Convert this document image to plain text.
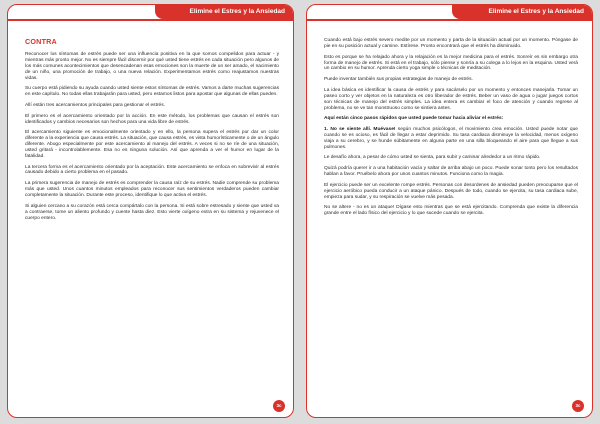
Elimine el Estres y la Ansiedad
CONTRA

Reconocer los síntomas de estrés puede ser una influencia positiva en la que somos compelidos para actuar - y mientras más pronto mejor. No es siempre fácil discernir por qué usted tiene estrés en cada situación pero algunos de los más comunes acontecimientos que desencadenan esas emociones son la muerte de un ser amado, el nacimiento de un niño, una promoción de trabajo, o una nueva relación. Experimentamos estrés como reajustamos nuestras vidas.

Su cuerpo está pidiendo su ayuda cuando usted siente estos síntomas de estrés. Vamos a darte muchas sugerencias en este capítulo. No todas ellas trabajarán para usted, pero estamos listos para apostar que algunas de ellas pueden.

Allí están tres acercamientos principales para gestionar el estrés.

El primero es el acercamiento orientado por la acción. En este método, los problemas que causan el estrés son identificados y cambios necesarios son hechos para una vida libre de estrés.

El acercamiento siguiente es emocionalmente orientado y en ello, la persona supera el estrés por dar un color diferente a la experiencia que causa estrés. La situación, que causa estrés, es vista humorísticamente o de un ángulo diferente. Abogo especialmente por este acercamiento al manejo del estrés. A veces si no se ríe de una situación, usted gritará - incontrolablemente. Esa no es ninguna solución. Así que aprenda a ver el humor en lugar de la fatalidad.

La tercera forma es el acercamiento orientado por la aceptación. Este acercamiento se enfoca en sobrevivir al estrés causado debido a cierto problema en el pasado.

La primera sugerencia de manejo de estrés es comprender la causa raíz de su estrés. Nadie comprende su problema más que usted. Unos cuantos minutos empleados para reconocer sus sentimientos verdaderos pueden cambiar completamente la situación. Durante este proceso, identifique lo que activa el estrés.

Si alguien cercano a su corazón está cerca compártalo con la persona. Si está sobre estresado y siente que usted va a contraerse, tome un aliento profundo y cuente hasta diez. Esto vierte oxígeno extra en su sistema y rejuvenece el cuerpo entero.

3c
Elimine el Estres y la Ansiedad

Cuando está bajo estrés severo medite por un momento y parta de la situación actual por un momento. Póngase de pie en su posición actual y camine. Estírese. Pronto encontrará que el estrés ha disminuido.

Esto es porque se ha relajado ahora y la relajación es la mejor medicina para el estrés. Sonreír es sin embargo otra forma de manejo de estrés. Si está en el trabajo, sólo piense y sonría a su colega a lo lejos en la esquina. Usted verá un cambio en su humor. Aprenda cierto yoga simple o técnicas de meditación.

Puede inventar también sus propias estrategias de manejo de estrés.

La idea básica es identificar la causa de estrés y para sacárselo por un momento y entonces manejarla. Tomar un paseo corto y ver objetos en la naturaleza es otro liberador de estrés. Beber un vaso de agua o jugar juegos cortos son técnicas de manejo del estrés simples. La idea entera es cambiar el foco de atención y cuando regrese al problema, no se ve tan monstruoso como se sintiera antes.

Aquí están cinco pasos rápidos que usted puede tomar hacia aliviar el estrés:

1. No se siente allí. Muévase! según muchos psicólogos, el movimiento crea emoción. Usted puede notar que cuando se es ocioso, es fácil de llegar a estar deprimido. Su tasa cardiaca disminuye la velocidad, menos oxígeno viaja a su cerebro, y se hunde súbitamente en alguna parte en una silla bloqueando el aire para que llegue a sus pulmones.

Le desafío ahora, a pesar de cómo usted se sienta, para subir y caminar alrededor a un ritmo rápido.

Quizá podría querer ir a una habitación vacía y saltar de arriba abajo un poco. Puede sonar tonto pero los resultados hablan a favor. Pruébelo ahora por unos cuantos minutos. Funciona como la magia.

El ejercicio puede ser un excelente rompe estrés. Personas con desordenes de ansiedad pueden preocuparse que el ejercicio aeróbico pueda conducir a un ataque pánico. Después de todo, cuando se ejercita, su tasa cardiaca sube, empieza para sudar, y su respiración se vuelve más pesada.

No se altere - no es un ataque! Dígase esto mientras que se está ejercitando. Comprenda que existe la diferencia grande entre el lado físico del ejercicio y lo que sucede cuando se ejercita.

3c
